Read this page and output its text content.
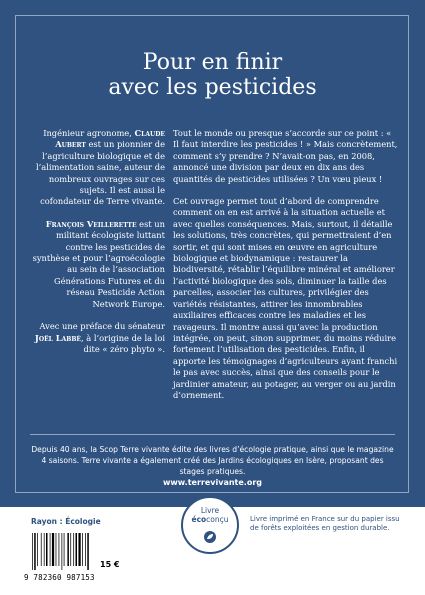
Pour en finir
avec les pesticides

Ingénieur agronome, Claude Aubert est un pionnier de l’agriculture biologique et de l’alimentation saine, auteur de nombreux ouvrages sur ces sujets. Il est aussi le cofondateur de Terre vivante.

François Veillerette est un militant écologiste luttant contre les pesticides de synthèse et pour l’agroécologie au sein de l’association Générations Futures et du réseau Pesticide Action Network Europe.

Avec une préface du sénateur Joël Labbé, à l’origine de la loi dite « zéro phyto ».

Tout le monde ou presque s’accorde sur ce point : « Il faut interdire les pesticides ! » Mais concrètement, comment s’y prendre ? N’avait-on pas, en 2008, annoncé une division par deux en dix ans des quantités de pesticides utilisées ? Un vœu pieux !

Cet ouvrage permet tout d’abord de comprendre comment on en est arrivé à la situation actuelle et avec quelles conséquences. Mais, surtout, il détaille les solutions, très concrètes, qui permettraient d’en sortir, et qui sont mises en œuvre en agriculture biologique et biodynamique : restaurer la biodiversité, rétablir l’équilibre minéral et améliorer l’activité biologique des sols, diminuer la taille des parcelles, associer les cultures, privilégier des variétés résistantes, attirer les innombrables auxiliaires efficaces contre les maladies et les ravageurs. Il montre aussi qu’avec la production intégrée, on peut, sinon supprimer, du moins réduire fortement l’utilisation des pesticides. Enfin, il apporte les témoignages d’agriculteurs ayant franchi le pas avec succès, ainsi que des conseils pour le jardinier amateur, au potager, au verger ou au jardin d’ornement.

Depuis 40 ans, la Scop Terre vivante édite des livres d’écologie pratique, ainsi que le magazine 4 saisons. Terre vivante a également créé des Jardins écologiques en Isère, proposant des stages pratiques.
www.terrevivante.org
Rayon : Écologie
9 782360 987153
15 €
Livre
écoconçu	Livre imprimé en France sur du papier issu de forêts exploitées en gestion durable.
